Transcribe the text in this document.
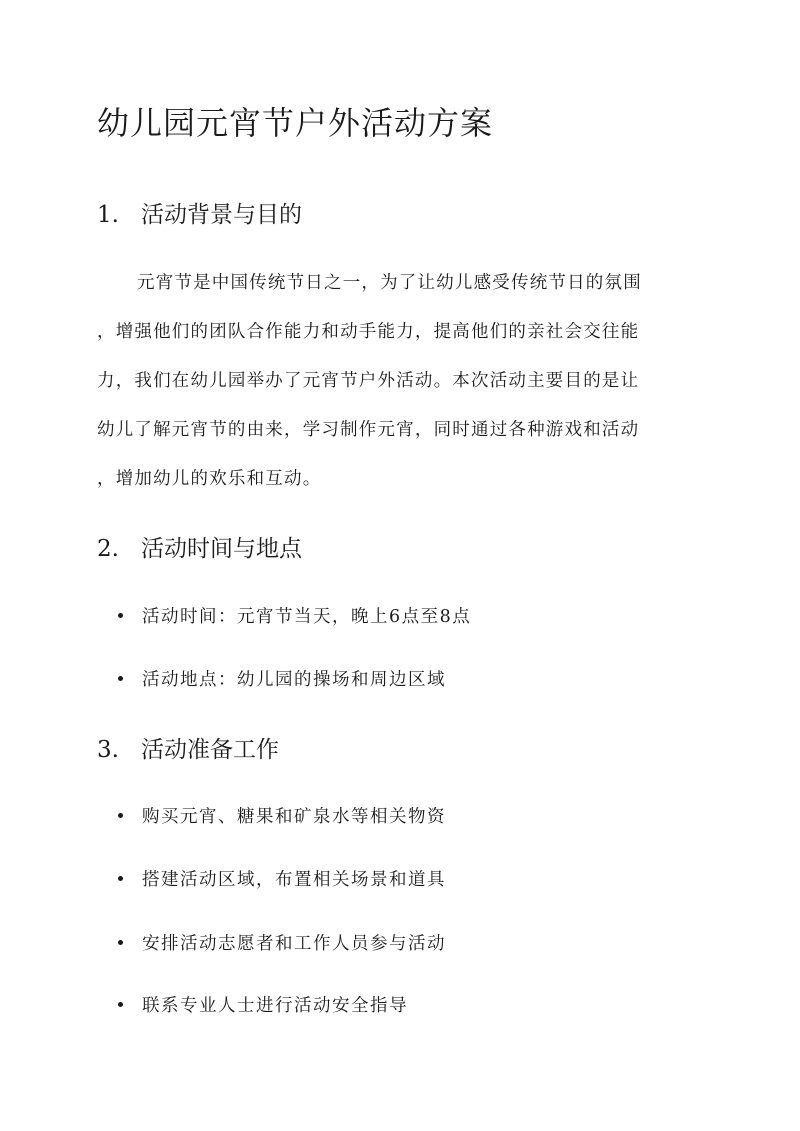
幼儿园元宵节户外活动方案
1. 活动背景与目的
元宵节是中国传统节日之一，为了让幼儿感受传统节日的氛围
，增强他们的团队合作能力和动手能力，提高他们的亲社会交往能
力，我们在幼儿园举办了元宵节户外活动。本次活动主要目的是让
幼儿了解元宵节的由来，学习制作元宵，同时通过各种游戏和活动
，增加幼儿的欢乐和互动。
2. 活动时间与地点
活动时间：元宵节当天，晚上6点至8点
活动地点：幼儿园的操场和周边区域
3. 活动准备工作
购买元宵、糖果和矿泉水等相关物资
搭建活动区域，布置相关场景和道具
安排活动志愿者和工作人员参与活动
联系专业人士进行活动安全指导
